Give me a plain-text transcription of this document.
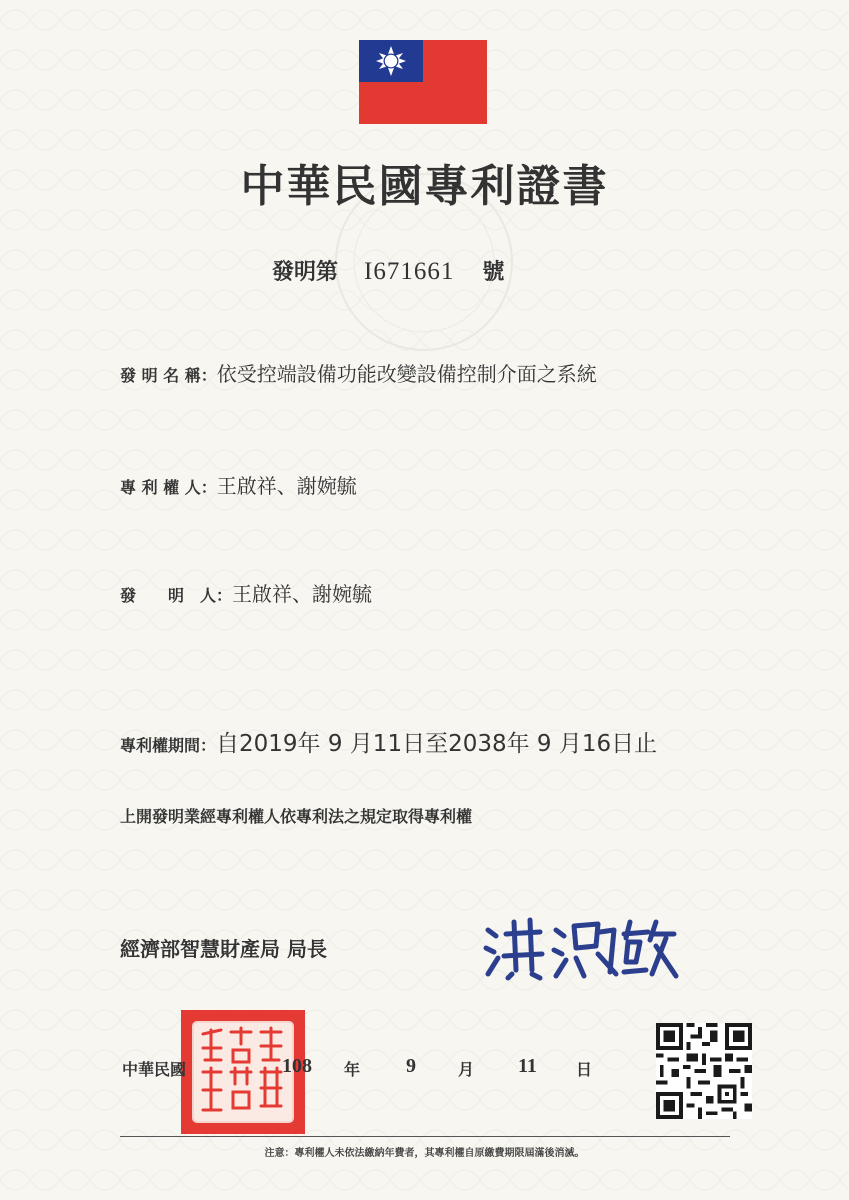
中華民國專利證書
發明第 I671661 號
發 明 名 稱：依受控端設備功能改變設備控制介面之系統
專 利 權 人：王啟祥、謝婉毓
發　　明　人：王啟祥、謝婉毓
專利權期間：自2019年 9 月11日至2038年 9 月16日止
上開發明業經專利權人依專利法之規定取得專利權
經濟部智慧財產局 局長
中華民國	108 年 9	月 11 日
注意：專利權人未依法繳納年費者，其專利權自原繳費期限屆滿後消滅。
